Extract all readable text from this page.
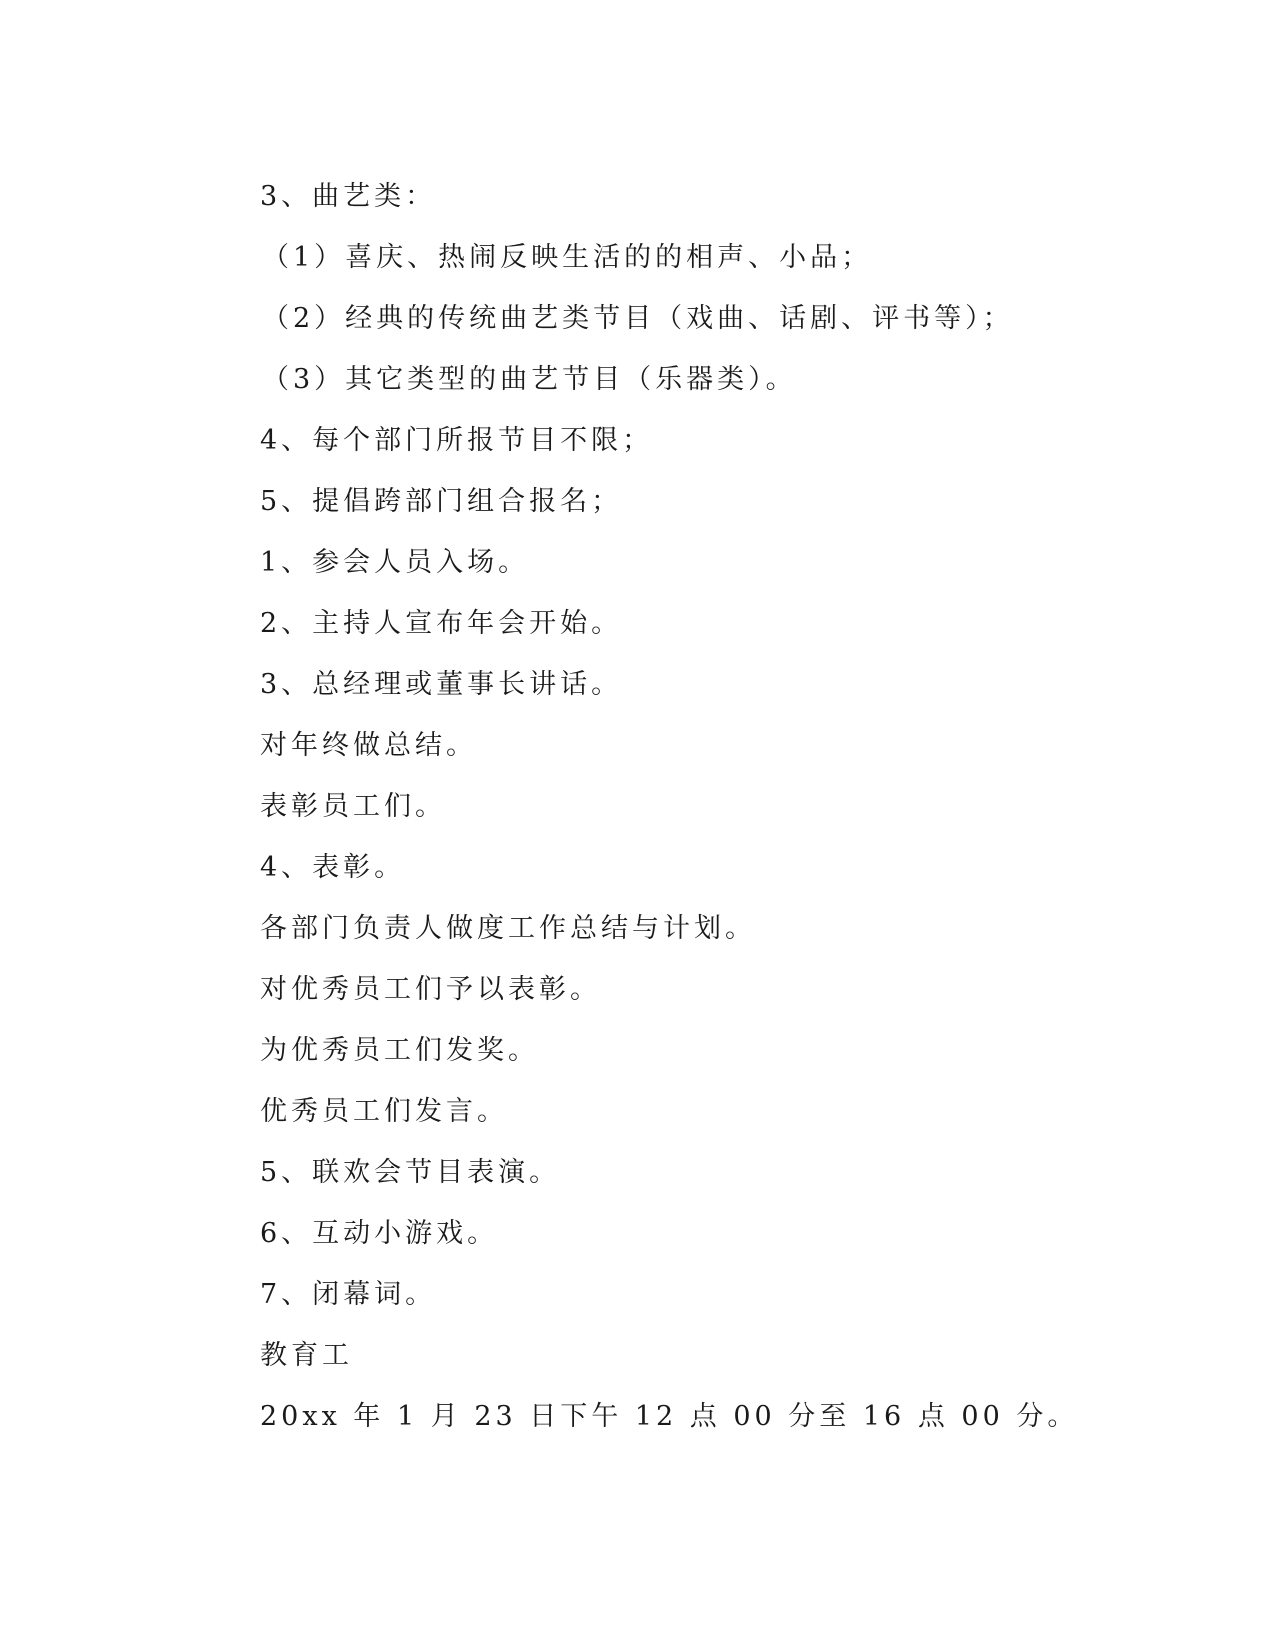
3、曲艺类：
（1）喜庆、热闹反映生活的的相声、小品；
（2）经典的传统曲艺类节目（戏曲、话剧、评书等）；
（3）其它类型的曲艺节目（乐器类）。
4、每个部门所报节目不限；
5、提倡跨部门组合报名；
1、参会人员入场。
2、主持人宣布年会开始。
3、总经理或董事长讲话。
对年终做总结。
表彰员工们。
4、表彰。
各部门负责人做度工作总结与计划。
对优秀员工们予以表彰。
为优秀员工们发奖。
优秀员工们发言。
5、联欢会节目表演。
6、互动小游戏。
7、闭幕词。
教育工
20xx 年 1 月 23 日下午 12 点 00 分至 16 点 00 分。
